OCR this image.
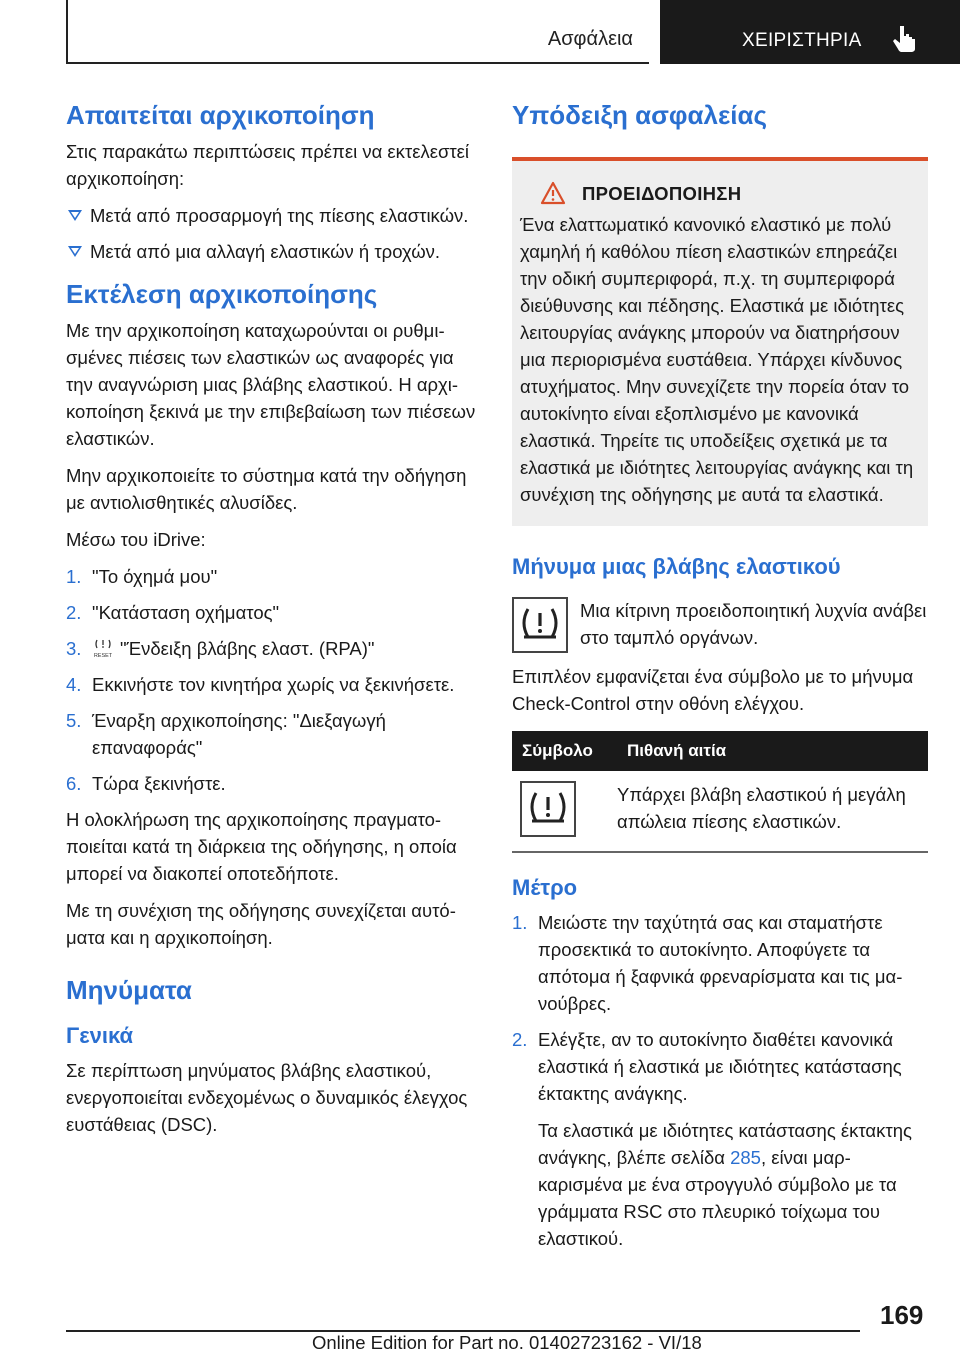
Ασφάλεια	ΧΕΙΡΙΣΤΗΡΙΑ
Απαιτείται αρχικοποίηση
Στις παρακάτω περιπτώσεις πρέπει να εκτελεστεί αρχικοποίηση:
Μετά από προσαρμογή της πίεσης ελαστικών.
Μετά από μια αλλαγή ελαστικών ή τροχών.
Εκτέλεση αρχικοποίησης
Με την αρχικοποίηση καταχωρούνται οι ρυθμισμένες πιέσεις των ελαστικών ως αναφορές για την αναγνώριση μιας βλάβης ελαστικού. Η αρχικοποίηση ξεκινά με την επιβεβαίωση των πιέσεων ελαστικών.
Μην αρχικοποιείτε το σύστημα κατά την οδήγηση με αντιολισθητικές αλυσίδες.
Μέσω του iDrive:
1. "Το όχημά μου"
2. "Κατάσταση οχήματος"
3. RESET "Ένδειξη βλάβης ελαστ. (RPA)"
4. Εκκινήστε τον κινητήρα χωρίς να ξεκινήσετε.
5. Έναρξη αρχικοποίησης: "Διεξαγωγή επαναφοράς"
6. Τώρα ξεκινήστε.
Η ολοκλήρωση της αρχικοποίησης πραγματοποιείται κατά τη διάρκεια της οδήγησης, η οποία μπορεί να διακοπεί οποτεδήποτε.
Με τη συνέχιση της οδήγησης συνεχίζεται αυτόματα και η αρχικοποίηση.
Μηνύματα
Γενικά
Σε περίπτωση μηνύματος βλάβης ελαστικού, ενεργοποιείται ενδεχομένως ο δυναμικός έλεγχος ευστάθειας (DSC).
Υπόδειξη ασφαλείας
ΠΡΟΕΙΔΟΠΟΙΗΣΗ
Ένα ελαττωματικό κανονικό ελαστικό με πολύ χαμηλή ή καθόλου πίεση ελαστικών επηρεάζει την οδική συμπεριφορά, π.χ. τη συμπεριφορά διεύθυνσης και πέδησης. Ελαστικά με ιδιότητες λειτουργίας ανάγκης μπορούν να διατηρήσουν μια περιορισμένα ευστάθεια. Υπάρχει κίνδυνος ατυχήματος. Μην συνεχίζετε την πορεία όταν το αυτοκίνητο είναι εξοπλισμένο με κανονικά ελαστικά. Τηρείτε τις υποδείξεις σχετικά με τα ελαστικά με ιδιότητες λειτουργίας ανάγκης και τη συνέχιση της οδήγησης με αυτά τα ελαστικά.
Μήνυμα μιας βλάβης ελαστικού
Μια κίτρινη προειδοποιητική λυχνία ανάβει στο ταμπλό οργάνων.
Επιπλέον εμφανίζεται ένα σύμβολο με το μήνυμα Check-Control στην οθόνη ελέγχου.
Σύμβολο	Πιθανή αιτία

	Υπάρχει βλάβη ελαστικού ή μεγάλη απώλεια πίεσης ελαστικών.
Μέτρο
1. Μειώστε την ταχύτητά σας και σταματήστε προσεκτικά το αυτοκίνητο. Αποφύγετε τα απότομα ή ξαφνικά φρεναρίσματα και τις μανούβρες.
2. Ελέγξτε, αν το αυτοκίνητο διαθέτει κανονικά ελαστικά ή ελαστικά με ιδιότητες κατάστασης έκτακτης ανάγκης.
Τα ελαστικά με ιδιότητες κατάστασης έκτακτης ανάγκης, βλέπε σελίδα 285, είναι μαρκαρισμένα με ένα στρογγυλό σύμβολο με τα γράμματα RSC στο πλευρικό τοίχωμα του ελαστικού.
169
Online Edition for Part no. 01402723162 - VI/18
